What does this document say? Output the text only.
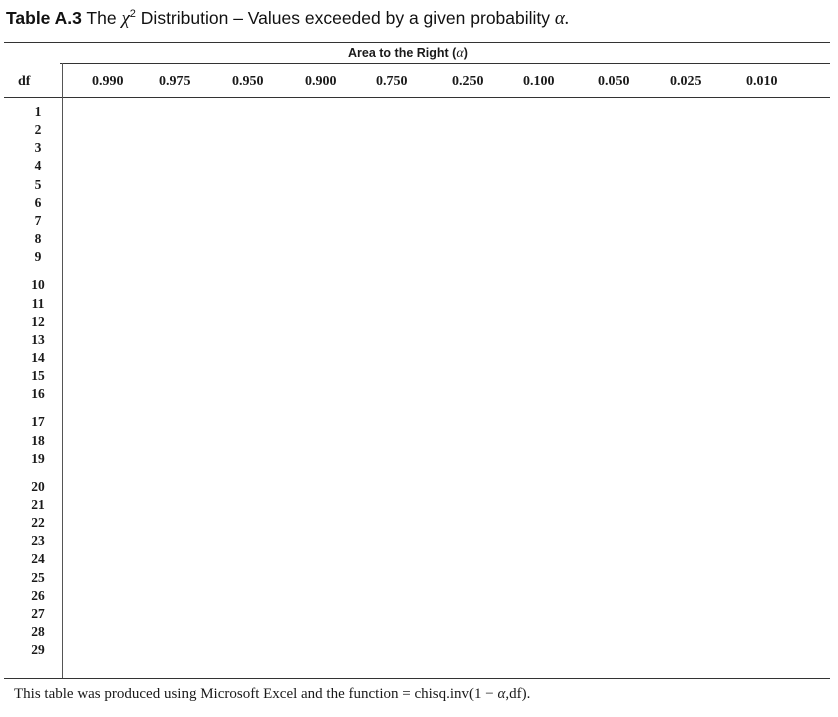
Table A.3 The $\chi^2$ Distribution – Values exceeded by a given probability α.
Area to the Right (α)
df	0.990	0.975	0.950	0.900	0.750	0.250	0.100	0.050	0.025	0.010
1
2
3
4
5
6
7
8
9
10
11
12
13
14
15
16
17
18
19
20
21
22
23
24
25
26
27
28
29
This table was produced using Microsoft Excel and the function = chisq.inv(1 − α,df).
